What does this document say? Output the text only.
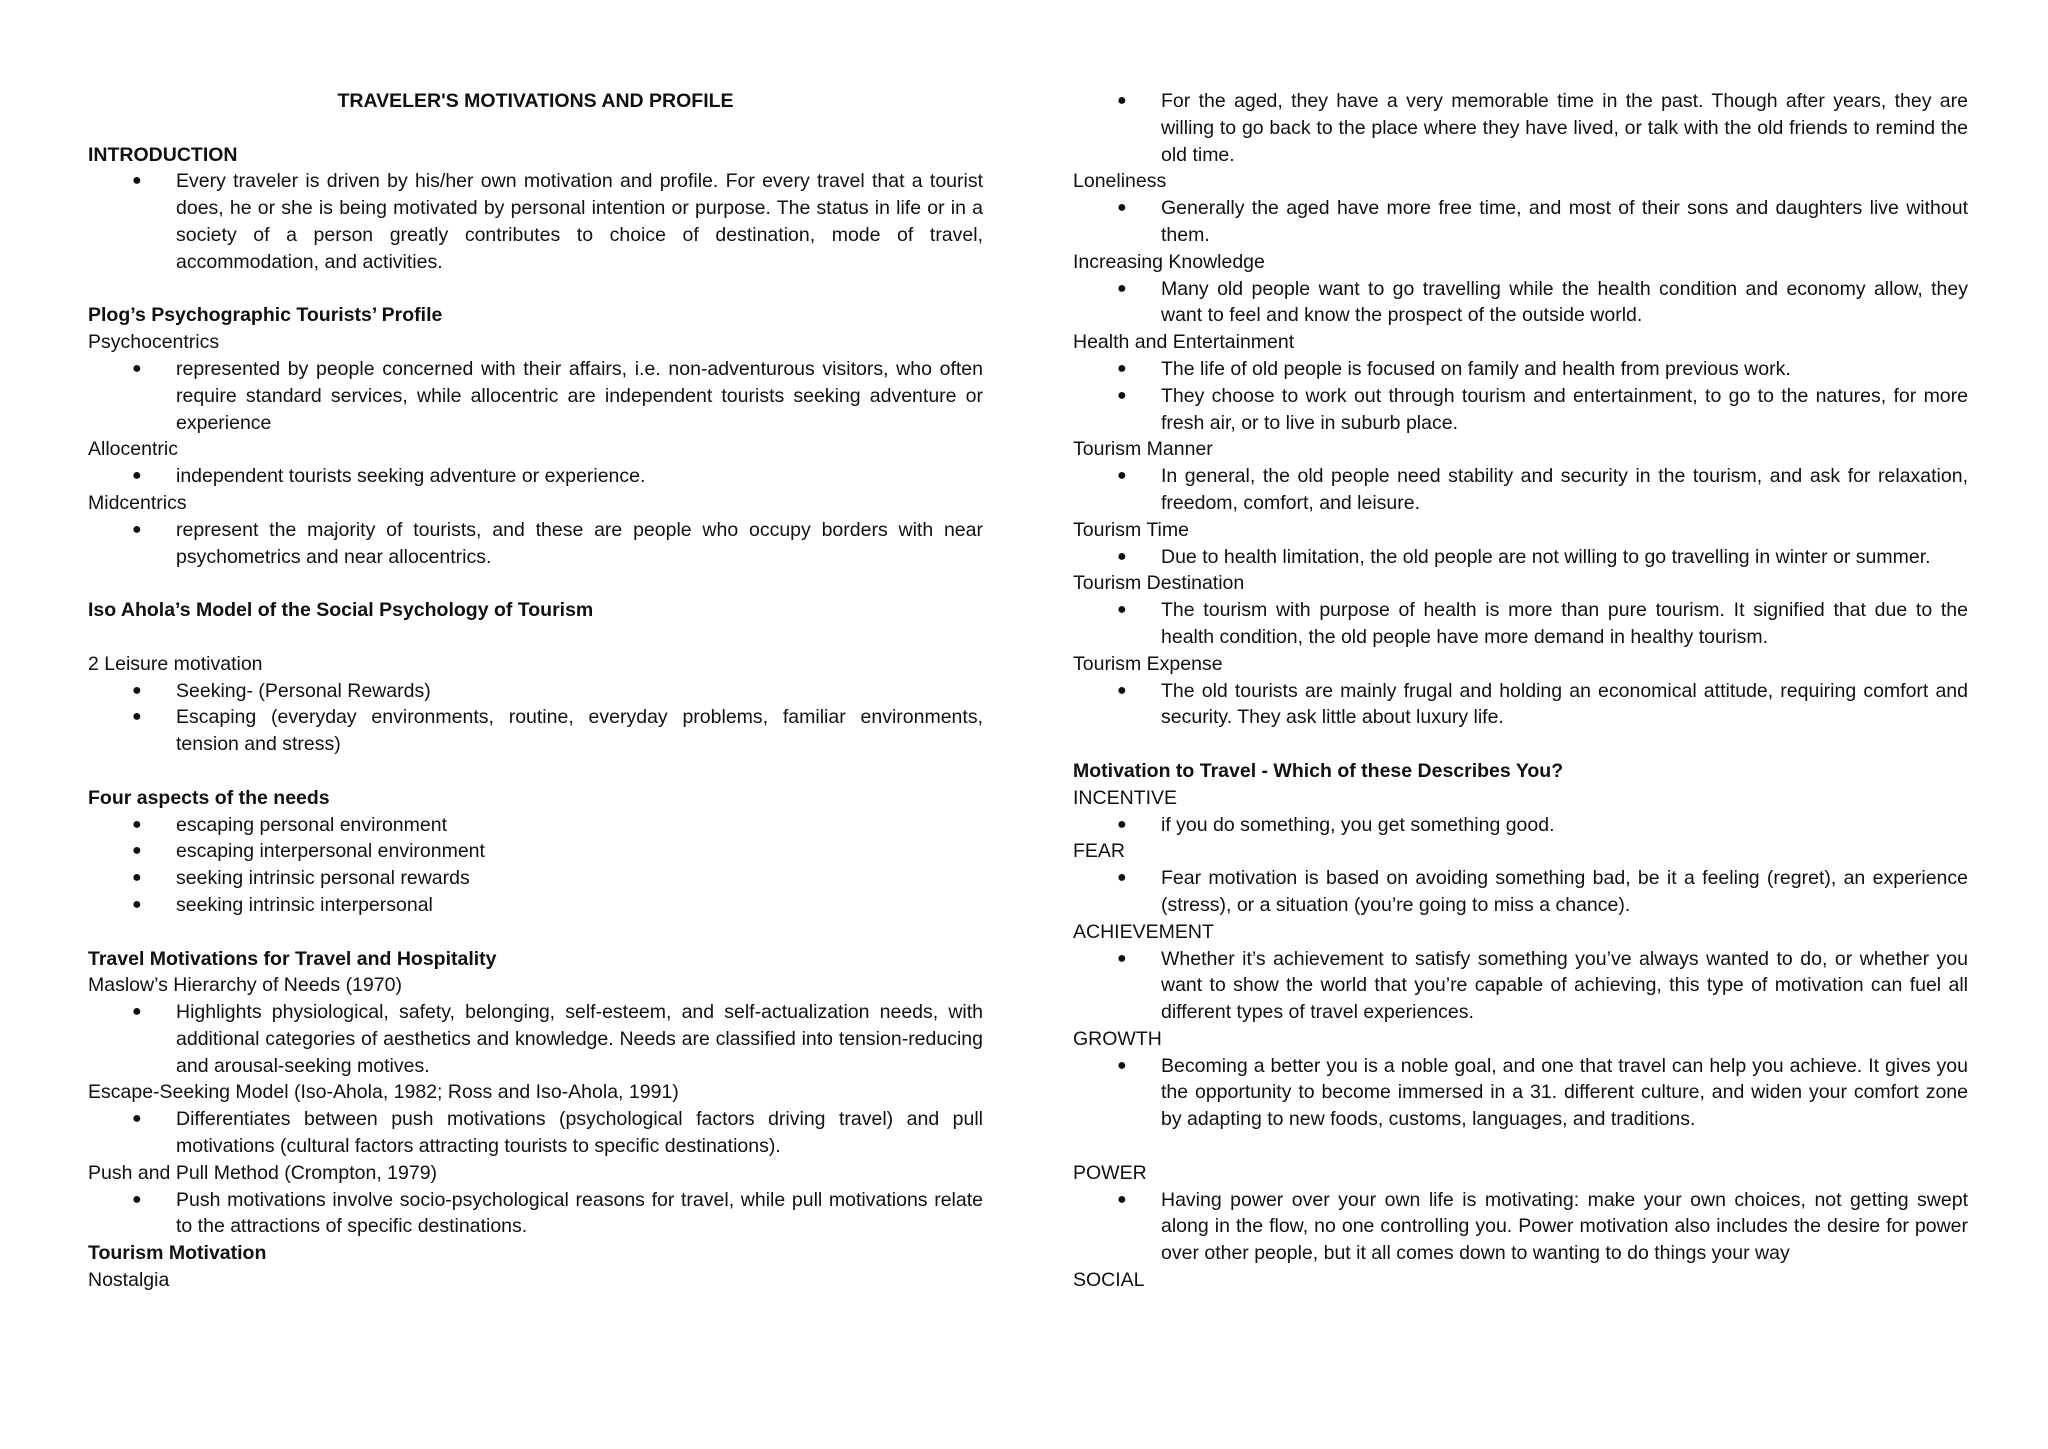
TRAVELER'S MOTIVATIONS AND PROFILE

INTRODUCTION

● Every traveler is driven by his/her own motivation and profile. For every travel that a tourist does, he or she is being motivated by personal intention or purpose. The status in life or in a society of a person greatly contributes to choice of destination, mode of travel, accommodation, and activities.

Plog’s Psychographic Tourists’ Profile

Psychocentrics

● represented by people concerned with their affairs, i.e. non-adventurous visitors, who often require standard services, while allocentric are independent tourists seeking adventure or experience

Allocentric

● independent tourists seeking adventure or experience.

Midcentrics

● represent the majority of tourists, and these are people who occupy borders with near psychometrics and near allocentrics.

Iso Ahola’s Model of the Social Psychology of Tourism

2 Leisure motivation

● Seeking- (Personal Rewards)
● Escaping (everyday environments, routine, everyday problems, familiar environments, tension and stress)

Four aspects of the needs

● escaping personal environment
● escaping interpersonal environment
● seeking intrinsic personal rewards
● seeking intrinsic interpersonal

Travel Motivations for Travel and Hospitality

Maslow’s Hierarchy of Needs (1970)

● Highlights physiological, safety, belonging, self-esteem, and self-actualization needs, with additional categories of aesthetics and knowledge. Needs are classified into tension-reducing and arousal-seeking motives.

Escape-Seeking Model (Iso-Ahola, 1982; Ross and Iso-Ahola, 1991)

● Differentiates between push motivations (psychological factors driving travel) and pull motivations (cultural factors attracting tourists to specific destinations).

Push and Pull Method (Crompton, 1979)

● Push motivations involve socio-psychological reasons for travel, while pull motivations relate to the attractions of specific destinations.

Tourism Motivation

Nostalgia

● For the aged, they have a very memorable time in the past. Though after years, they are willing to go back to the place where they have lived, or talk with the old friends to remind the old time.

Loneliness

● Generally the aged have more free time, and most of their sons and daughters live without them.

Increasing Knowledge

● Many old people want to go travelling while the health condition and economy allow, they want to feel and know the prospect of the outside world.

Health and Entertainment

● The life of old people is focused on family and health from previous work.
● They choose to work out through tourism and entertainment, to go to the natures, for more fresh air, or to live in suburb place.

Tourism Manner

● In general, the old people need stability and security in the tourism, and ask for relaxation, freedom, comfort, and leisure.

Tourism Time

● Due to health limitation, the old people are not willing to go travelling in winter or summer.

Tourism Destination

● The tourism with purpose of health is more than pure tourism. It signified that due to the health condition, the old people have more demand in healthy tourism.

Tourism Expense

● The old tourists are mainly frugal and holding an economical attitude, requiring comfort and security. They ask little about luxury life.

Motivation to Travel - Which of these Describes You?

INCENTIVE

● if you do something, you get something good.

FEAR

● Fear motivation is based on avoiding something bad, be it a feeling (regret), an experience (stress), or a situation (you’re going to miss a chance).

ACHIEVEMENT

● Whether it’s achievement to satisfy something you’ve always wanted to do, or whether you want to show the world that you’re capable of achieving, this type of motivation can fuel all different types of travel experiences.

GROWTH

● Becoming a better you is a noble goal, and one that travel can help you achieve. It gives you the opportunity to become immersed in a 31. different culture, and widen your comfort zone by adapting to new foods, customs, languages, and traditions.

POWER

● Having power over your own life is motivating: make your own choices, not getting swept along in the flow, no one controlling you. Power motivation also includes the desire for power over other people, but it all comes down to wanting to do things your way

SOCIAL
